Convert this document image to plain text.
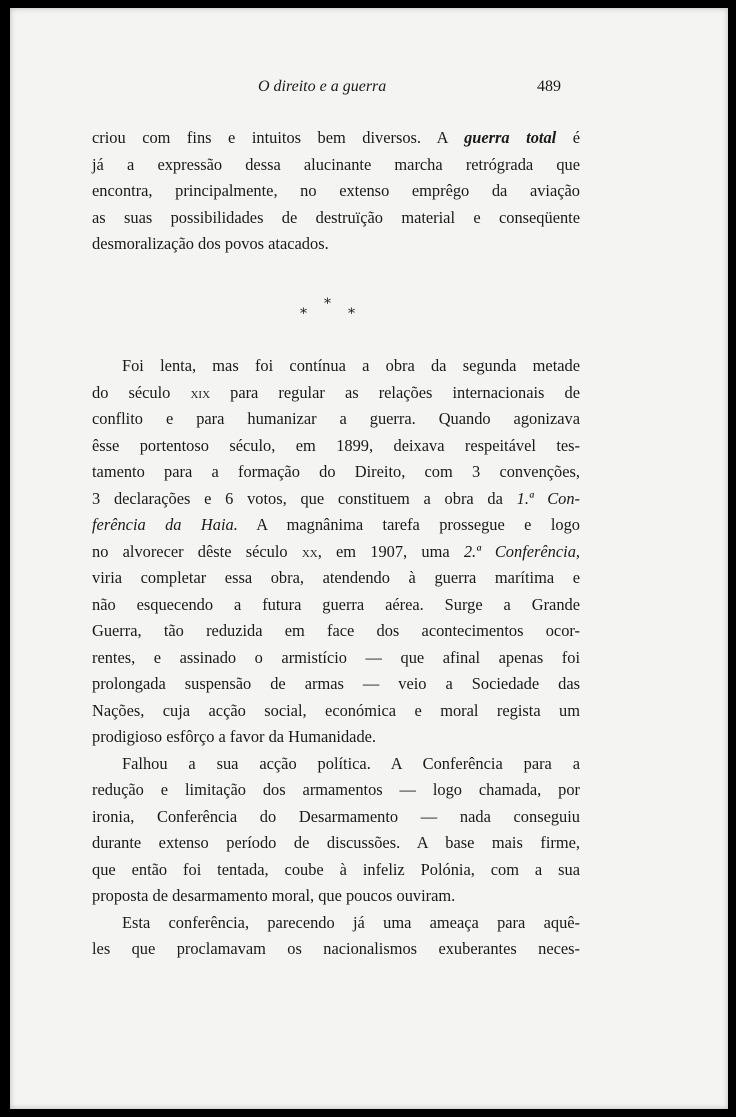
O direito e a guerra	489
criou com fins e intuitos bem diversos. A guerra total é
já a expressão dessa alucinante marcha retrógrada que
encontra, principalmente, no extenso emprêgo da aviação
as suas possibilidades de destruïção material e conseqüente
desmoralização dos povos atacados.
*
*	*
Foi lenta, mas foi contínua a obra da segunda metade
do século xix para regular as relações internacionais de
conflito e para humanizar a guerra. Quando agonizava
êsse portentoso século, em 1899, deixava respeitável tes-
tamento para a formação do Direito, com 3 convenções,
3 declarações e 6 votos, que constituem a obra da 1.ª Con-
ferência da Haia. A magnânima tarefa prossegue e logo
no alvorecer dêste século xx, em 1907, uma 2.ª Conferência,
viria completar essa obra, atendendo à guerra marítima e
não esquecendo a futura guerra aérea. Surge a Grande
Guerra, tão reduzida em face dos acontecimentos ocor-
rentes, e assinado o armistício — que afinal apenas foi
prolongada suspensão de armas — veio a Sociedade das
Nações, cuja acção social, económica e moral regista um
prodigioso esfôrço a favor da Humanidade.
Falhou a sua acção política. A Conferência para a
redução e limitação dos armamentos — logo chamada, por
ironia, Conferência do Desarmamento — nada conseguiu
durante extenso período de discussões. A base mais firme,
que então foi tentada, coube à infeliz Polónia, com a sua
proposta de desarmamento moral, que poucos ouviram.
Esta conferência, parecendo já uma ameaça para aquê-
les que proclamavam os nacionalismos exuberantes neces-
